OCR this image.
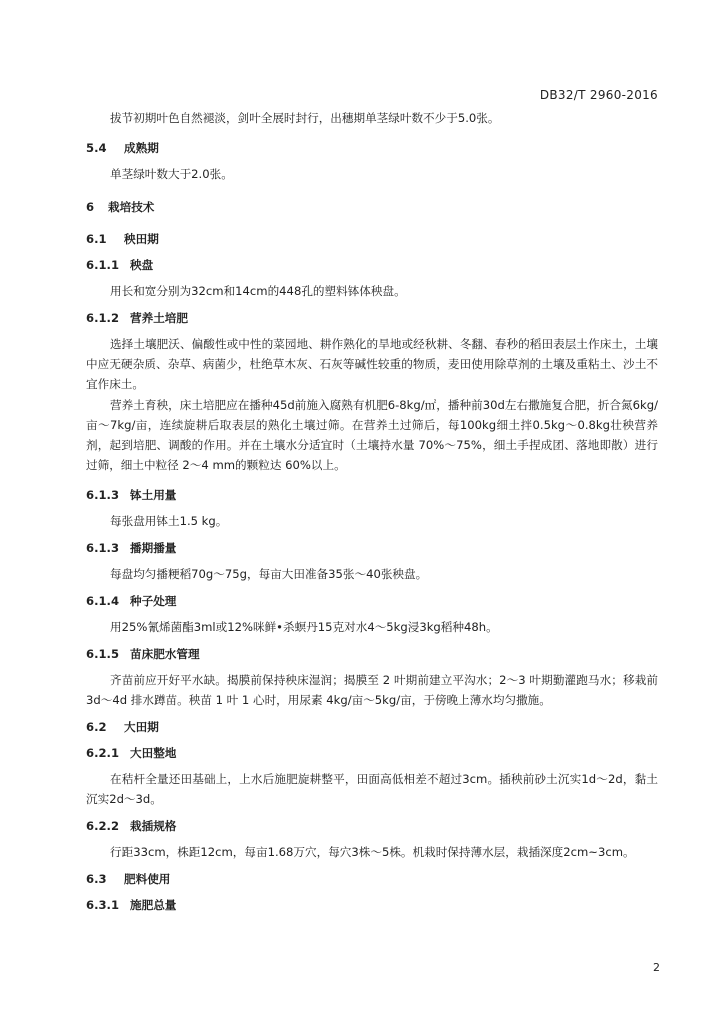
DB32/T 2960-2016

拔节初期叶色自然褪淡，剑叶全展时封行，出穗期单茎绿叶数不少于5.0张。

5.4 成熟期

单茎绿叶数大于2.0张。

6 栽培技术
6.1 秧田期
6.1.1 秧盘

用长和宽分别为32cm和14cm的448孔的塑料钵体秧盘。

6.1.2 营养土培肥

选择土壤肥沃、偏酸性或中性的菜园地、耕作熟化的旱地或经秋耕、冬翻、春秒的稻田表层土作床土，土壤中应无硬杂质、杂草、病菌少，杜绝草木灰、石灰等碱性较重的物质，麦田使用除草剂的土壤及重粘土、沙土不宜作床土。

营养土育秧，床土培肥应在播种45d前施入腐熟有机肥6-8kg/㎡，播种前30d左右撒施复合肥，折合氮6kg/亩～7kg/亩，连续旋耕后取表层的熟化土壤过筛。在营养土过筛后，每100kg细土拌0.5kg～0.8kg壮秧营养剂，起到培肥、调酸的作用。并在土壤水分适宜时（土壤持水量 70%～75%，细土手捏成团、落地即散）进行过筛，细土中粒径 2～4 mm的颗粒达 60%以上。

6.1.3 钵土用量

每张盘用钵土1.5 kg。

6.1.3 播期播量

每盘均匀播粳稻70g～75g，每亩大田准备35张～40张秧盘。

6.1.4 种子处理

用25%氰烯菌酯3ml或12%咪鲜•杀螟丹15克对水4～5kg浸3kg稻种48h。

6.1.5 苗床肥水管理

齐苗前应开好平水缺。揭膜前保持秧床湿润；揭膜至 2 叶期前建立平沟水；2～3 叶期勤灌跑马水；移栽前 3d～4d 排水蹲苗。秧苗 1 叶 1 心时，用尿素 4kg/亩～5kg/亩，于傍晚上薄水均匀撒施。

6.2 大田期
6.2.1 大田整地

在秸杆全量还田基础上，上水后施肥旋耕整平，田面高低相差不超过3cm。插秧前砂土沉实1d～2d，黏土沉实2d～3d。

6.2.2 栽插规格

行距33cm，株距12cm，每亩1.68万穴，每穴3株～5株。机栽时保持薄水层，栽插深度2cm~3cm。

6.3 肥料使用
6.3.1 施肥总量
2
